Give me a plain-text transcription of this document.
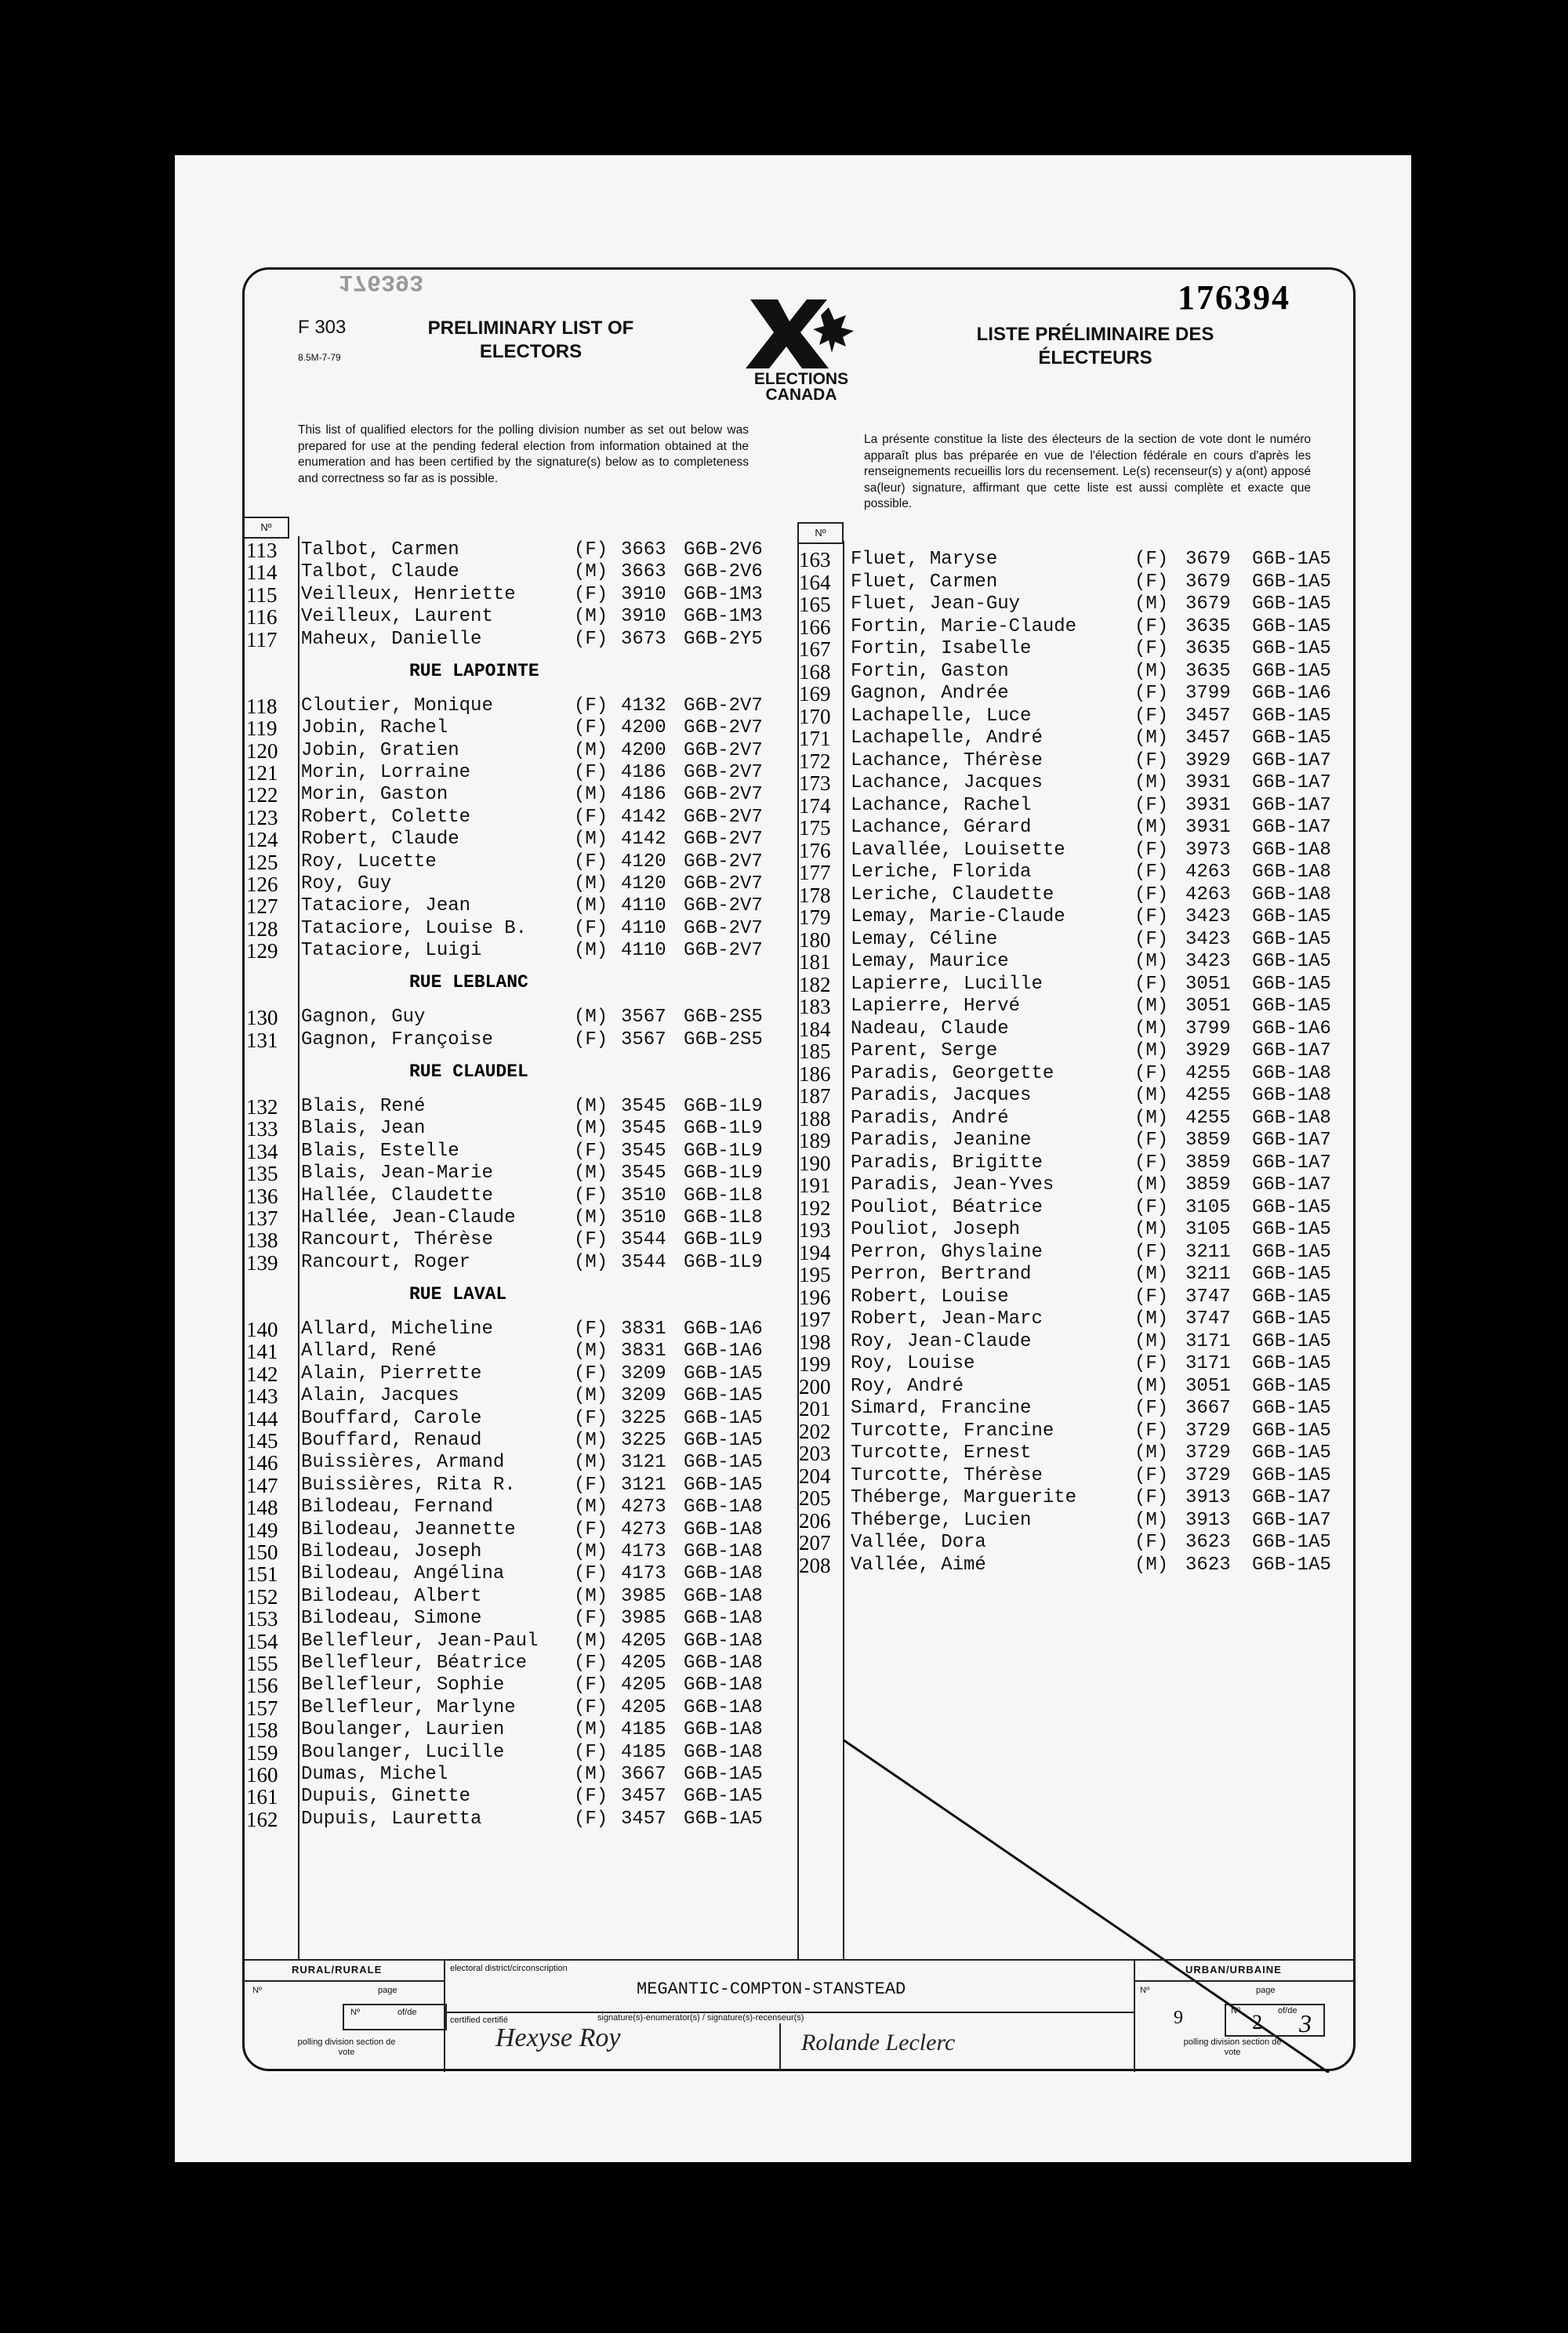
176393
F 303
8.5M-7-79
PRELIMINARY LIST OF
ELECTORS
ELECTIONS
CANADA
176394
LISTE PRÉLIMINAIRE DES
ÉLECTEURS
This list of qualified electors for the polling division number as set out below was prepared for use at the pending federal election from information obtained at the enumeration and has been certified by the signature(s) below as to completeness and correctness so far as is possible.
La présente constitue la liste des électeurs de la section de vote dont le numéro apparaît plus bas préparée en vue de l'élection fédérale en cours d'après les renseignements recueillis lors du recensement. Le(s) recenseur(s) y a(ont) apposé sa(leur) signature, affirmant que cette liste est aussi complète et exacte que possible.
Nº	Nº
113 Talbot, Carmen	(F) 3663 G6B-2V6
114 Talbot, Claude	(M) 3663 G6B-2V6
115 Veilleux, Henriette	(F) 3910 G6B-1M3
116 Veilleux, Laurent	(M) 3910 G6B-1M3
117 Maheux, Danielle	(F) 3673 G6B-2Y5
RUE LAPOINTE
118 Cloutier, Monique	(F) 4132 G6B-2V7
119 Jobin, Rachel	(F) 4200 G6B-2V7
120 Jobin, Gratien	(M) 4200 G6B-2V7
121 Morin, Lorraine	(F) 4186 G6B-2V7
122 Morin, Gaston	(M) 4186 G6B-2V7
123 Robert, Colette	(F) 4142 G6B-2V7
124 Robert, Claude	(M) 4142 G6B-2V7
125 Roy, Lucette	(F) 4120 G6B-2V7
126 Roy, Guy	(M) 4120 G6B-2V7
127 Tataciore, Jean	(M) 4110 G6B-2V7
128 Tataciore, Louise B. (F) 4110 G6B-2V7
129 Tataciore, Luigi	(M) 4110 G6B-2V7
RUE LEBLANC
130 Gagnon, Guy	(M) 3567 G6B-2S5
131 Gagnon, Françoise	(F) 3567 G6B-2S5
RUE CLAUDEL
132 Blais, René	(M) 3545 G6B-1L9
133 Blais, Jean	(M) 3545 G6B-1L9
134 Blais, Estelle	(F) 3545 G6B-1L9
135 Blais, Jean-Marie	(M) 3545 G6B-1L9
136 Hallée, Claudette	(F) 3510 G6B-1L8
137 Hallée, Jean-Claude	(M) 3510 G6B-1L8
138 Rancourt, Thérèse	(F) 3544 G6B-1L9
139 Rancourt, Roger	(M) 3544 G6B-1L9
RUE LAVAL
140 Allard, Micheline	(F) 3831 G6B-1A6
141 Allard, René	(M) 3831 G6B-1A6
142 Alain, Pierrette	(F) 3209 G6B-1A5
143 Alain, Jacques	(M) 3209 G6B-1A5
144 Bouffard, Carole	(F) 3225 G6B-1A5
145 Bouffard, Renaud	(M) 3225 G6B-1A5
146 Buissières, Armand	(M) 3121 G6B-1A5
147 Buissières, Rita R.	(F) 3121 G6B-1A5
148 Bilodeau, Fernand	(M) 4273 G6B-1A8
149 Bilodeau, Jeannette	(F) 4273 G6B-1A8
150 Bilodeau, Joseph	(M) 4173 G6B-1A8
151 Bilodeau, Angélina	(F) 4173 G6B-1A8
152 Bilodeau, Albert	(M) 3985 G6B-1A8
153 Bilodeau, Simone	(F) 3985 G6B-1A8
154 Bellefleur, Jean-Paul (M) 4205 G6B-1A8
155 Bellefleur, Béatrice (F) 4205 G6B-1A8
156 Bellefleur, Sophie	(F) 4205 G6B-1A8
157 Bellefleur, Marlyne	(F) 4205 G6B-1A8
158 Boulanger, Laurien	(M) 4185 G6B-1A8
159 Boulanger, Lucille	(F) 4185 G6B-1A8
160 Dumas, Michel	(M) 3667 G6B-1A5
161 Dupuis, Ginette	(F) 3457 G6B-1A5
162 Dupuis, Lauretta	(F) 3457 G6B-1A5
163 Fluet, Maryse	(F) 3679 G6B-1A5
164 Fluet, Carmen	(F) 3679 G6B-1A5
165 Fluet, Jean-Guy	(M) 3679 G6B-1A5
166 Fortin, Marie-Claude	(F) 3635 G6B-1A5
167 Fortin, Isabelle	(F) 3635 G6B-1A5
168 Fortin, Gaston	(M) 3635 G6B-1A5
169 Gagnon, Andrée	(F) 3799 G6B-1A6
170 Lachapelle, Luce	(F) 3457 G6B-1A5
171 Lachapelle, André	(M) 3457 G6B-1A5
172 Lachance, Thérèse	(F) 3929 G6B-1A7
173 Lachance, Jacques	(M) 3931 G6B-1A7
174 Lachance, Rachel	(F) 3931 G6B-1A7
175 Lachance, Gérard	(M) 3931 G6B-1A7
176 Lavallée, Louisette	(F) 3973 G6B-1A8
177 Leriche, Florida	(F) 4263 G6B-1A8
178 Leriche, Claudette	(F) 4263 G6B-1A8
179 Lemay, Marie-Claude	(F) 3423 G6B-1A5
180 Lemay, Céline	(F) 3423 G6B-1A5
181 Lemay, Maurice	(M) 3423 G6B-1A5
182 Lapierre, Lucille	(F) 3051 G6B-1A5
183 Lapierre, Hervé	(M) 3051 G6B-1A5
184 Nadeau, Claude	(M) 3799 G6B-1A6
185 Parent, Serge	(M) 3929 G6B-1A7
186 Paradis, Georgette	(F) 4255 G6B-1A8
187 Paradis, Jacques	(M) 4255 G6B-1A8
188 Paradis, André	(M) 4255 G6B-1A8
189 Paradis, Jeanine	(F) 3859 G6B-1A7
190 Paradis, Brigitte	(F) 3859 G6B-1A7
191 Paradis, Jean-Yves	(M) 3859 G6B-1A7
192 Pouliot, Béatrice	(F) 3105 G6B-1A5
193 Pouliot, Joseph	(M) 3105 G6B-1A5
194 Perron, Ghyslaine	(F) 3211 G6B-1A5
195 Perron, Bertrand	(M) 3211 G6B-1A5
196 Robert, Louise	(F) 3747 G6B-1A5
197 Robert, Jean-Marc	(M) 3747 G6B-1A5
198 Roy, Jean-Claude	(M) 3171 G6B-1A5
199 Roy, Louise	(F) 3171 G6B-1A5
200 Roy, André	(M) 3051 G6B-1A5
201 Simard, Francine	(F) 3667 G6B-1A5
202 Turcotte, Francine	(F) 3729 G6B-1A5
203 Turcotte, Ernest	(M) 3729 G6B-1A5
204 Turcotte, Thérèse	(F) 3729 G6B-1A5
205 Théberge, Marguerite	(F) 3913 G6B-1A7
206 Théberge, Lucien	(M) 3913 G6B-1A7
207 Vallée, Dora	(F) 3623 G6B-1A5
208 Vallée, Aimé	(M) 3623 G6B-1A5
RURAL/RURALE
Nº	page
Nº	of/de
polling division section de vote
electoral district/circonscription
MEGANTIC-COMPTON-STANSTEAD
certified certifié	signature(s)-enumerator(s) / signature(s)-recenseur(s)
Hexyse Roy	Rolande Leclerc
URBAN/URBAINE
Nº	page
9	Nº	of/de
2 3
polling division section de vote
